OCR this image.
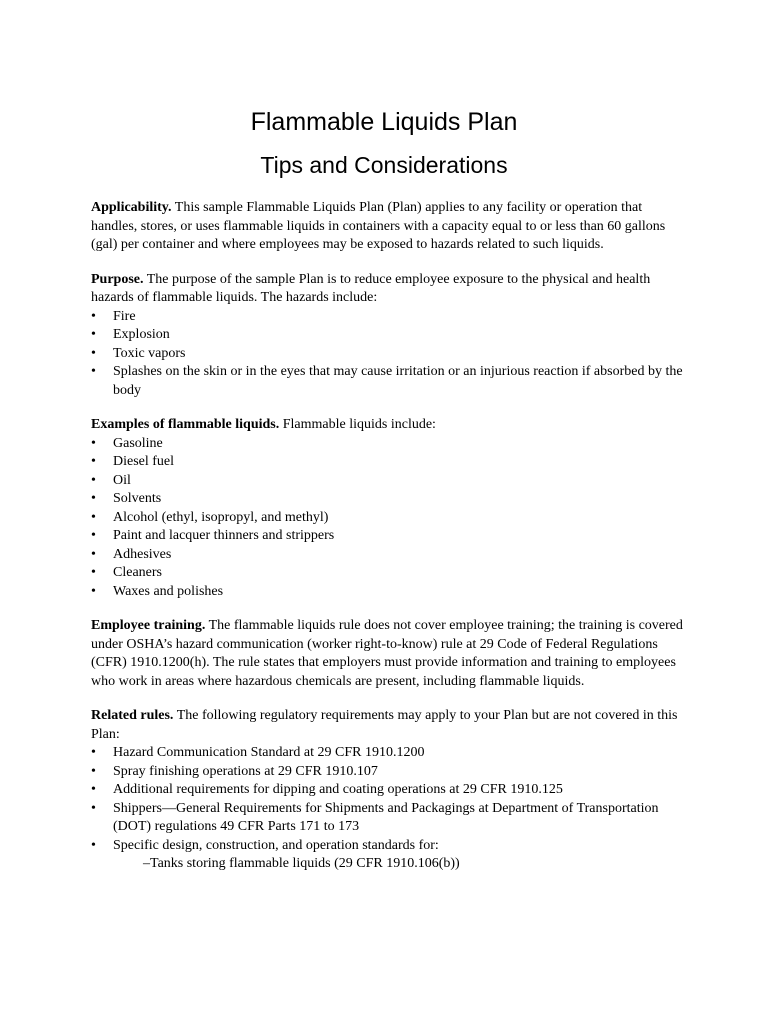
Flammable Liquids Plan
Tips and Considerations

Applicability. This sample Flammable Liquids Plan (Plan) applies to any facility or operation that handles, stores, or uses flammable liquids in containers with a capacity equal to or less than 60 gallons (gal) per container and where employees may be exposed to hazards related to such liquids.

Purpose. The purpose of the sample Plan is to reduce employee exposure to the physical and health hazards of flammable liquids. The hazards include:

• Fire
• Explosion
• Toxic vapors
• Splashes on the skin or in the eyes that may cause irritation or an injurious reaction if absorbed by the body

Examples of flammable liquids. Flammable liquids include:

• Gasoline
• Diesel fuel
• Oil
• Solvents
• Alcohol (ethyl, isopropyl, and methyl)
• Paint and lacquer thinners and strippers
• Adhesives
• Cleaners
• Waxes and polishes

Employee training. The flammable liquids rule does not cover employee training; the training is covered under OSHA’s hazard communication (worker right-to-know) rule at 29 Code of Federal Regulations (CFR) 1910.1200(h). The rule states that employers must provide information and training to employees who work in areas where hazardous chemicals are present, including flammable liquids.

Related rules. The following regulatory requirements may apply to your Plan but are not covered in this Plan:

• Hazard Communication Standard at 29 CFR 1910.1200
• Spray finishing operations at 29 CFR 1910.107
• Additional requirements for dipping and coating operations at 29 CFR 1910.125
• Shippers—General Requirements for Shipments and Packagings at Department of Transportation (DOT) regulations 49 CFR Parts 171 to 173
• Specific design, construction, and operation standards for:
–Tanks storing flammable liquids (29 CFR 1910.106(b))
